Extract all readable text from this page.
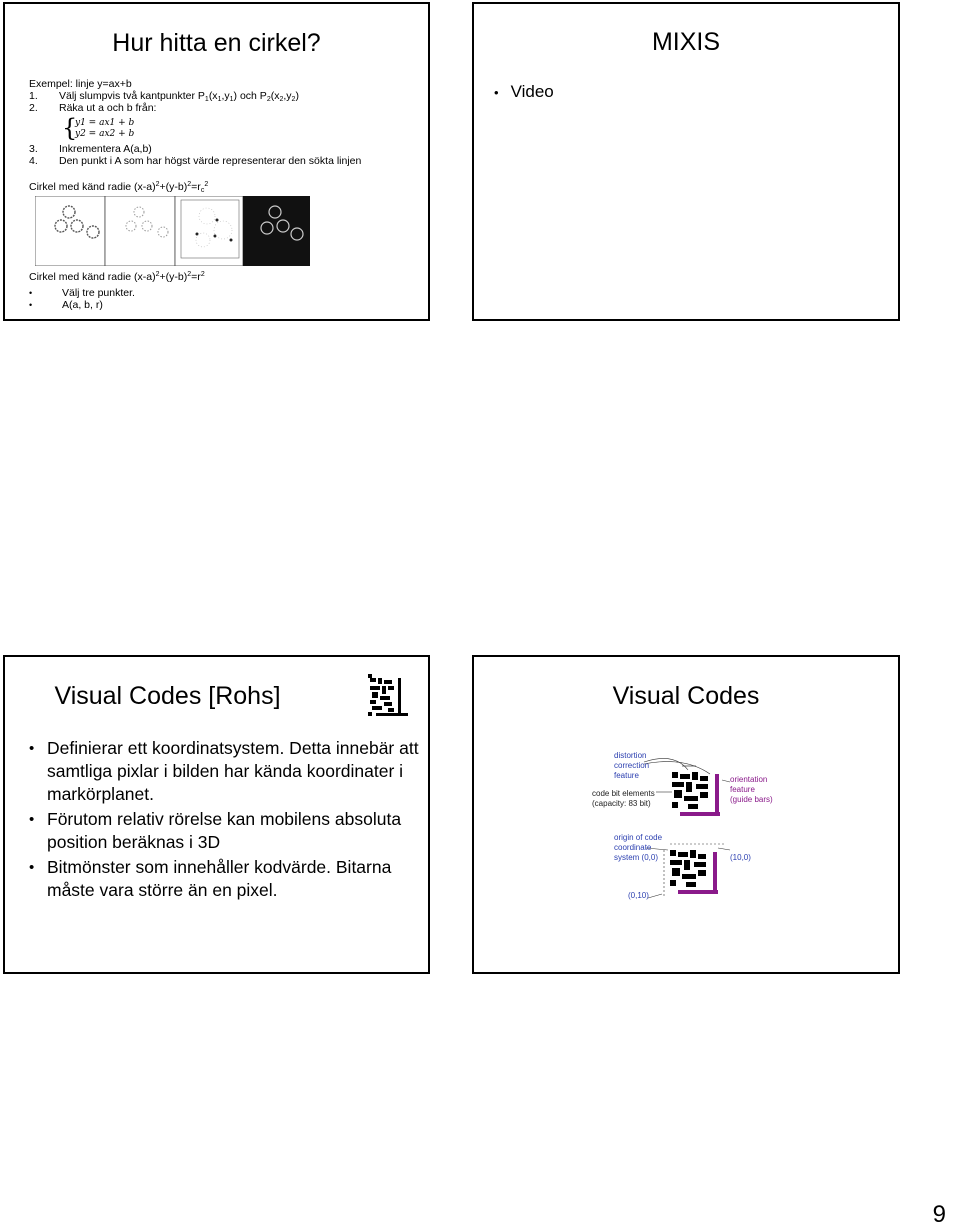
Hur hitta en cirkel?
Exempel: linje y=ax+b
1. Välj slumpvis två kantpunkter $P_1(x_1,y_1)$ och $P_2(x_2,y_2)$
2. Räka ut a och b från:
{
y1 = ax1 + b
y2 = ax2 + b
3. Inkrementera A(a,b)
4. Den punkt i A som har högst värde representerar den sökta linjen
Cirkel med känd radie $(x-a)^2+(y-b)^2=r_c^2$
Cirkel med känd radie $(x-a)^2+(y-b)^2=r^2$
• Välj tre punkter.
• A(a, b, r)
MIXIS
• Video
Visual Codes [Rohs]
• Definierar ett koordinatsystem. Detta innebär att samtliga pixlar i bilden har kända koordinater i markörplanet.
• Förutom relativ rörelse kan mobilens absoluta position beräknas i 3D
• Bitmönster som innehåller kodvärde. Bitarna måste vara större än en pixel.
Visual Codes
distortion
correction
feature	orientation
feature
(guide bars)
code bit elements
(capacity: 83 bit)
origin of code
coordinate
system (0,0)	(10,0)
(0,10)
9
